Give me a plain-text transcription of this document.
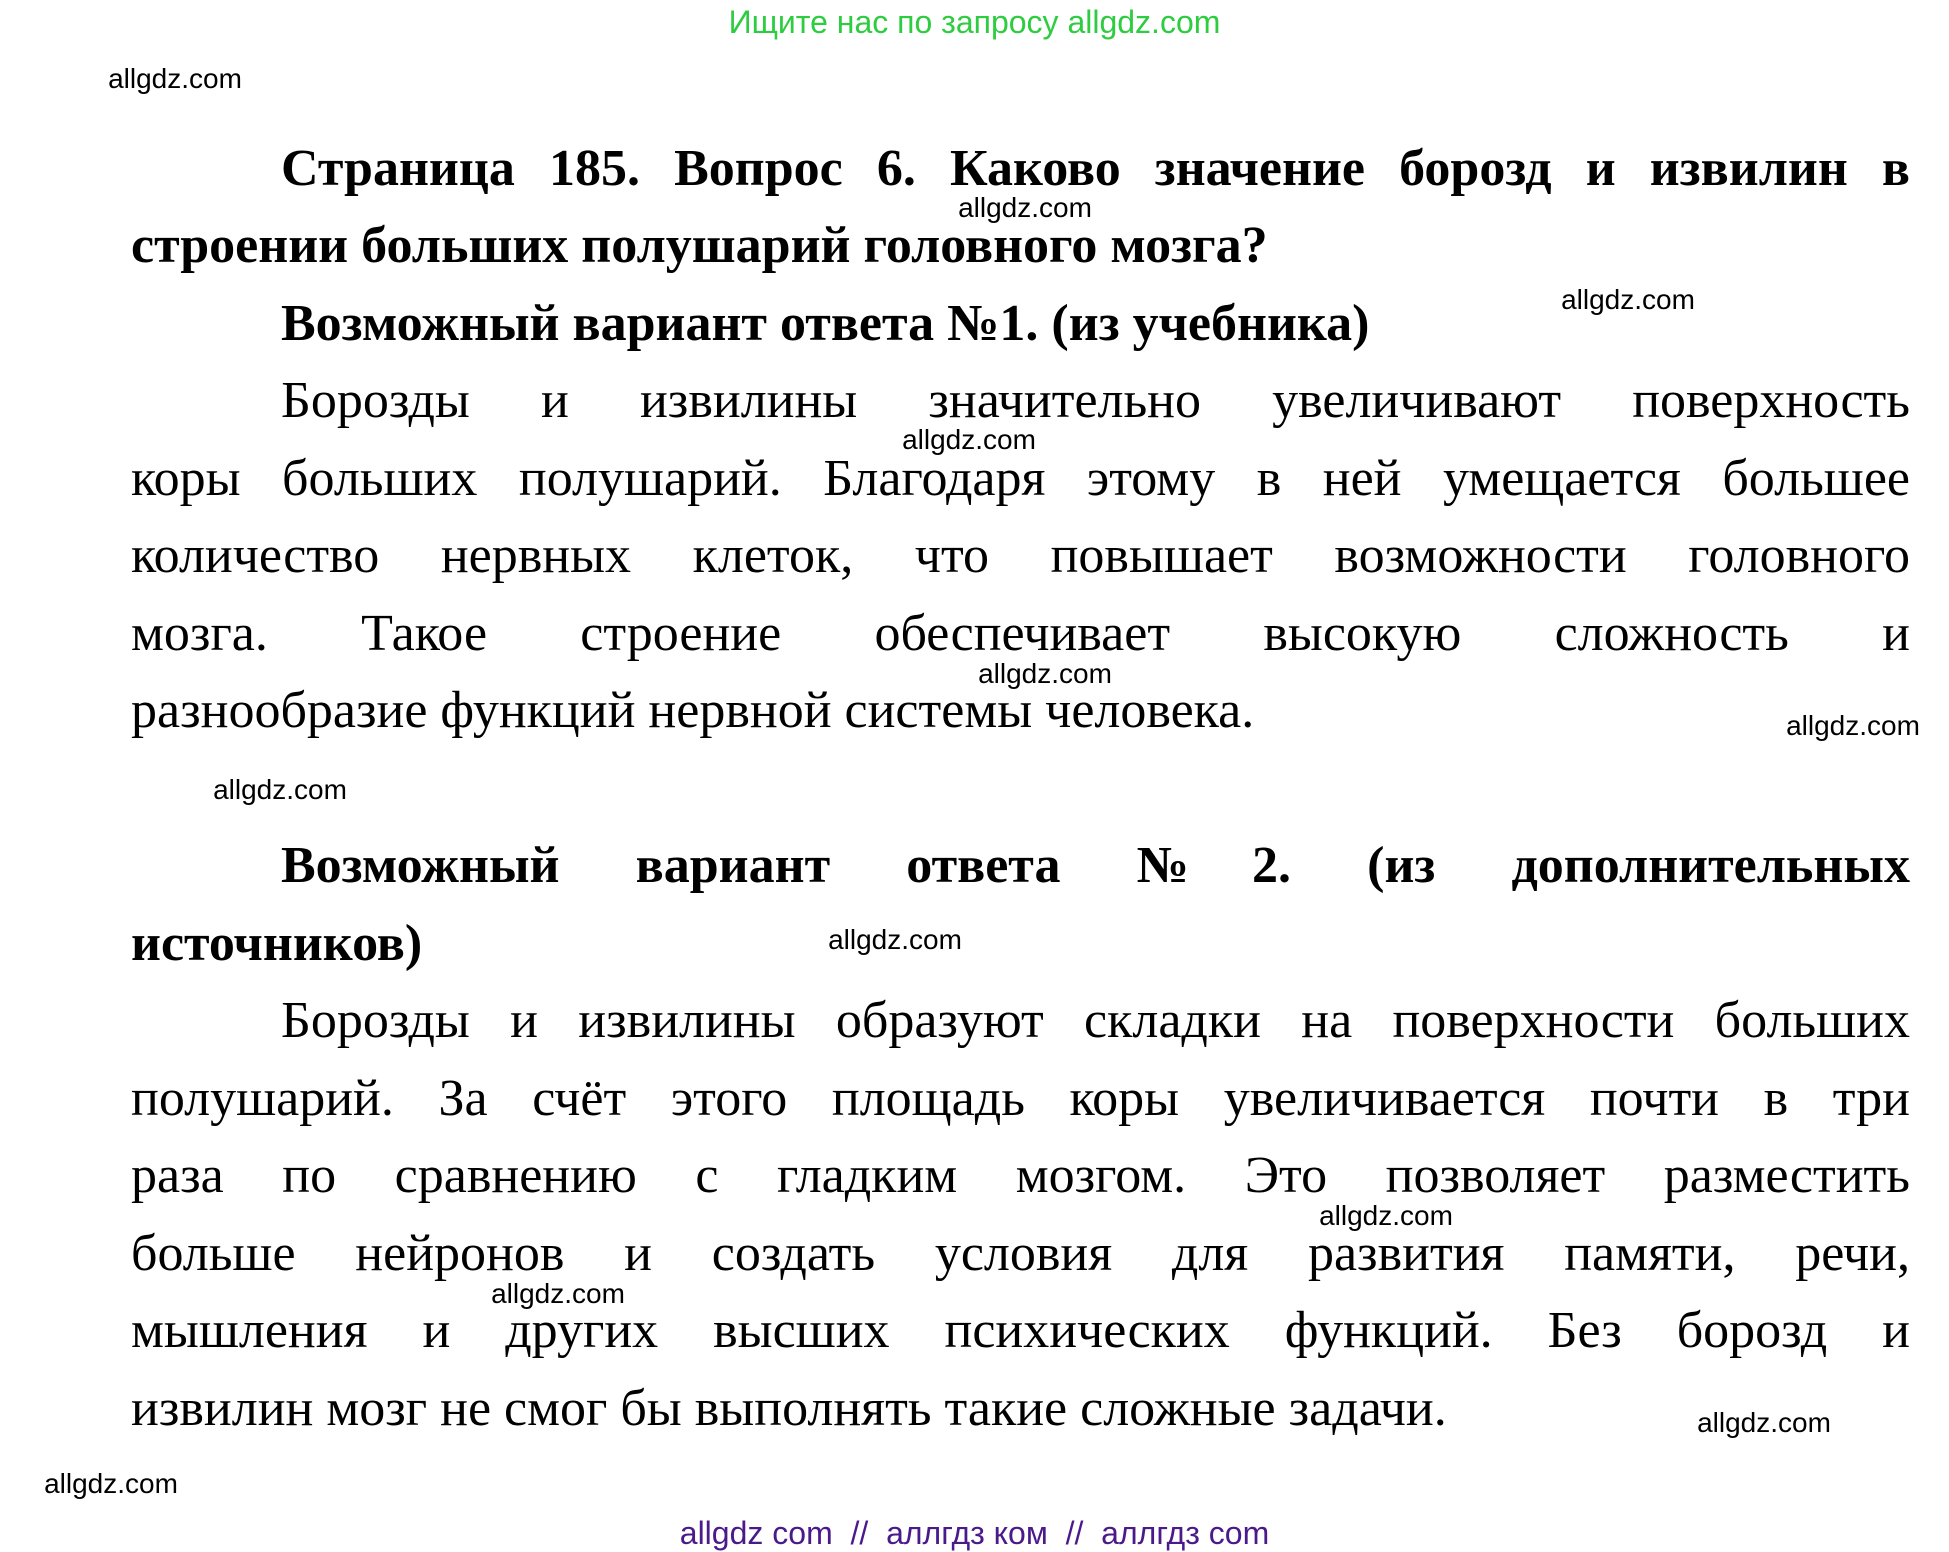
Ищите нас по запросу allgdz.com
Страница 185. Вопрос 6. Каково значение борозд и извилин в
строении больших полушарий головного мозга?
Возможный вариант ответа №1. (из учебника)
Борозды и извилины значительно увеличивают поверхность
коры больших полушарий. Благодаря этому в ней умещается большее
количество нервных клеток, что повышает возможности головного
мозга. Такое строение обеспечивает высокую сложность и
разнообразие функций нервной системы человека.
Возможный вариант ответа №2. (из дополнительных
источников)
Борозды и извилины образуют складки на поверхности больших
полушарий. За счёт этого площадь коры увеличивается почти в три
раза по сравнению с гладким мозгом. Это позволяет разместить
больше нейронов и создать условия для развития памяти, речи,
мышления и других высших психических функций. Без борозд и
извилин мозг не смог бы выполнять такие сложные задачи.
allgdz.com
allgdz.com
allgdz.com
allgdz.com
allgdz.com
allgdz.com
allgdz.com
allgdz.com
allgdz.com
allgdz.com
allgdz.com
allgdz.com
allgdz com  //  аллгдз ком  //  аллгдз com
